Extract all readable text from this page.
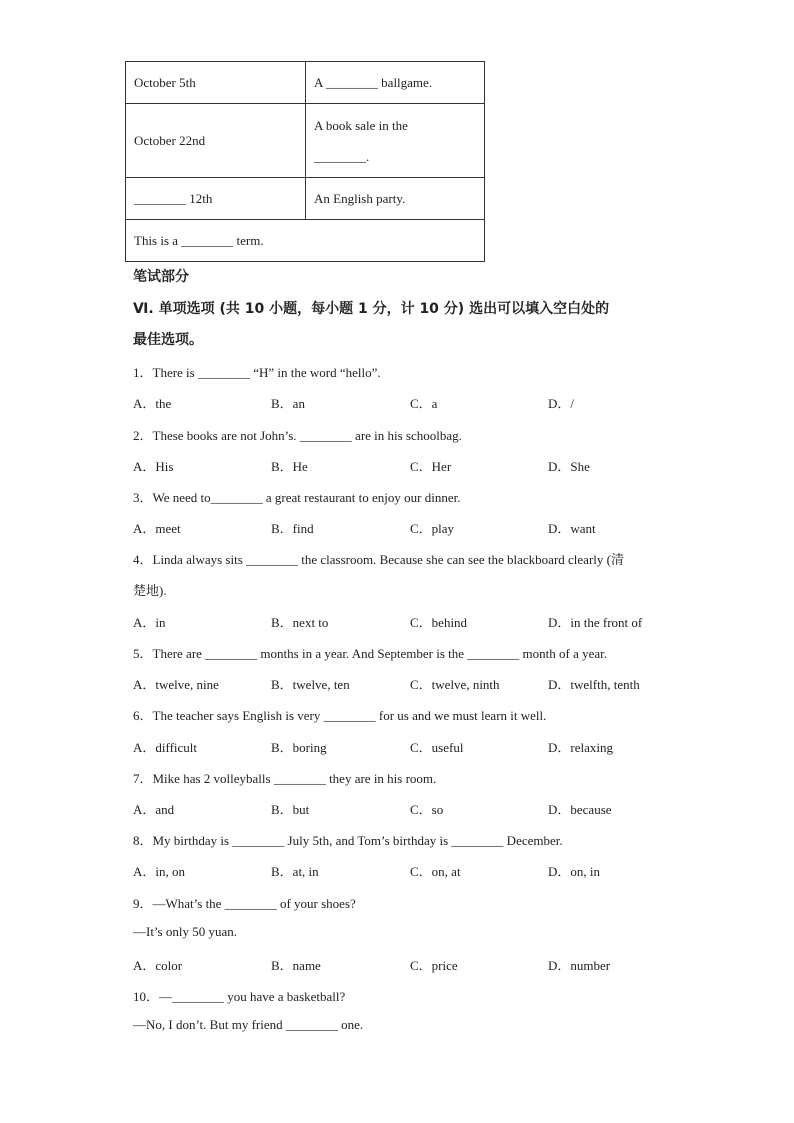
October 5th	A ________ ballgame.
October 22nd	A book sale in the
________.

________ 12th	An English party.
This is a ________ term.	
笔试部分
Ⅵ. 单项选项 (共 10 小题，每小题 1 分，计 10 分) 选出可以填入空白处的
最佳选项。
1．There is ________ “H” in the word “hello”.
A．the	B．an	C．a	D．/
2．These books are not John’s. ________ are in his schoolbag.
A．His	B．He	C．Her	D．She
3．We need to________ a great restaurant to enjoy our dinner.
A．meet	B．find	C．play	D．want
4．Linda always sits ________ the classroom. Because she can see the blackboard clearly (清
楚地).
A．in	B．next to	C．behind	D．in the front of
5．There are ________ months in a year. And September is the ________ month of a year.
A．twelve, nine	B．twelve, ten	C．twelve, ninth	D．twelfth, tenth
6．The teacher says English is very ________ for us and we must learn it well.
A．difficult	B．boring	C．useful	D．relaxing
7．Mike has 2 volleyballs ________ they are in his room.
A．and	B．but	C．so	D．because
8．My birthday is ________ July 5th, and Tom’s birthday is ________ December.
A．in, on	B．at, in	C．on, at	D．on, in
9．—What’s the ________ of your shoes?
—It’s only 50 yuan.
A．color	B．name	C．price	D．number
10．—________ you have a basketball?
—No, I don’t. But my friend ________ one.
